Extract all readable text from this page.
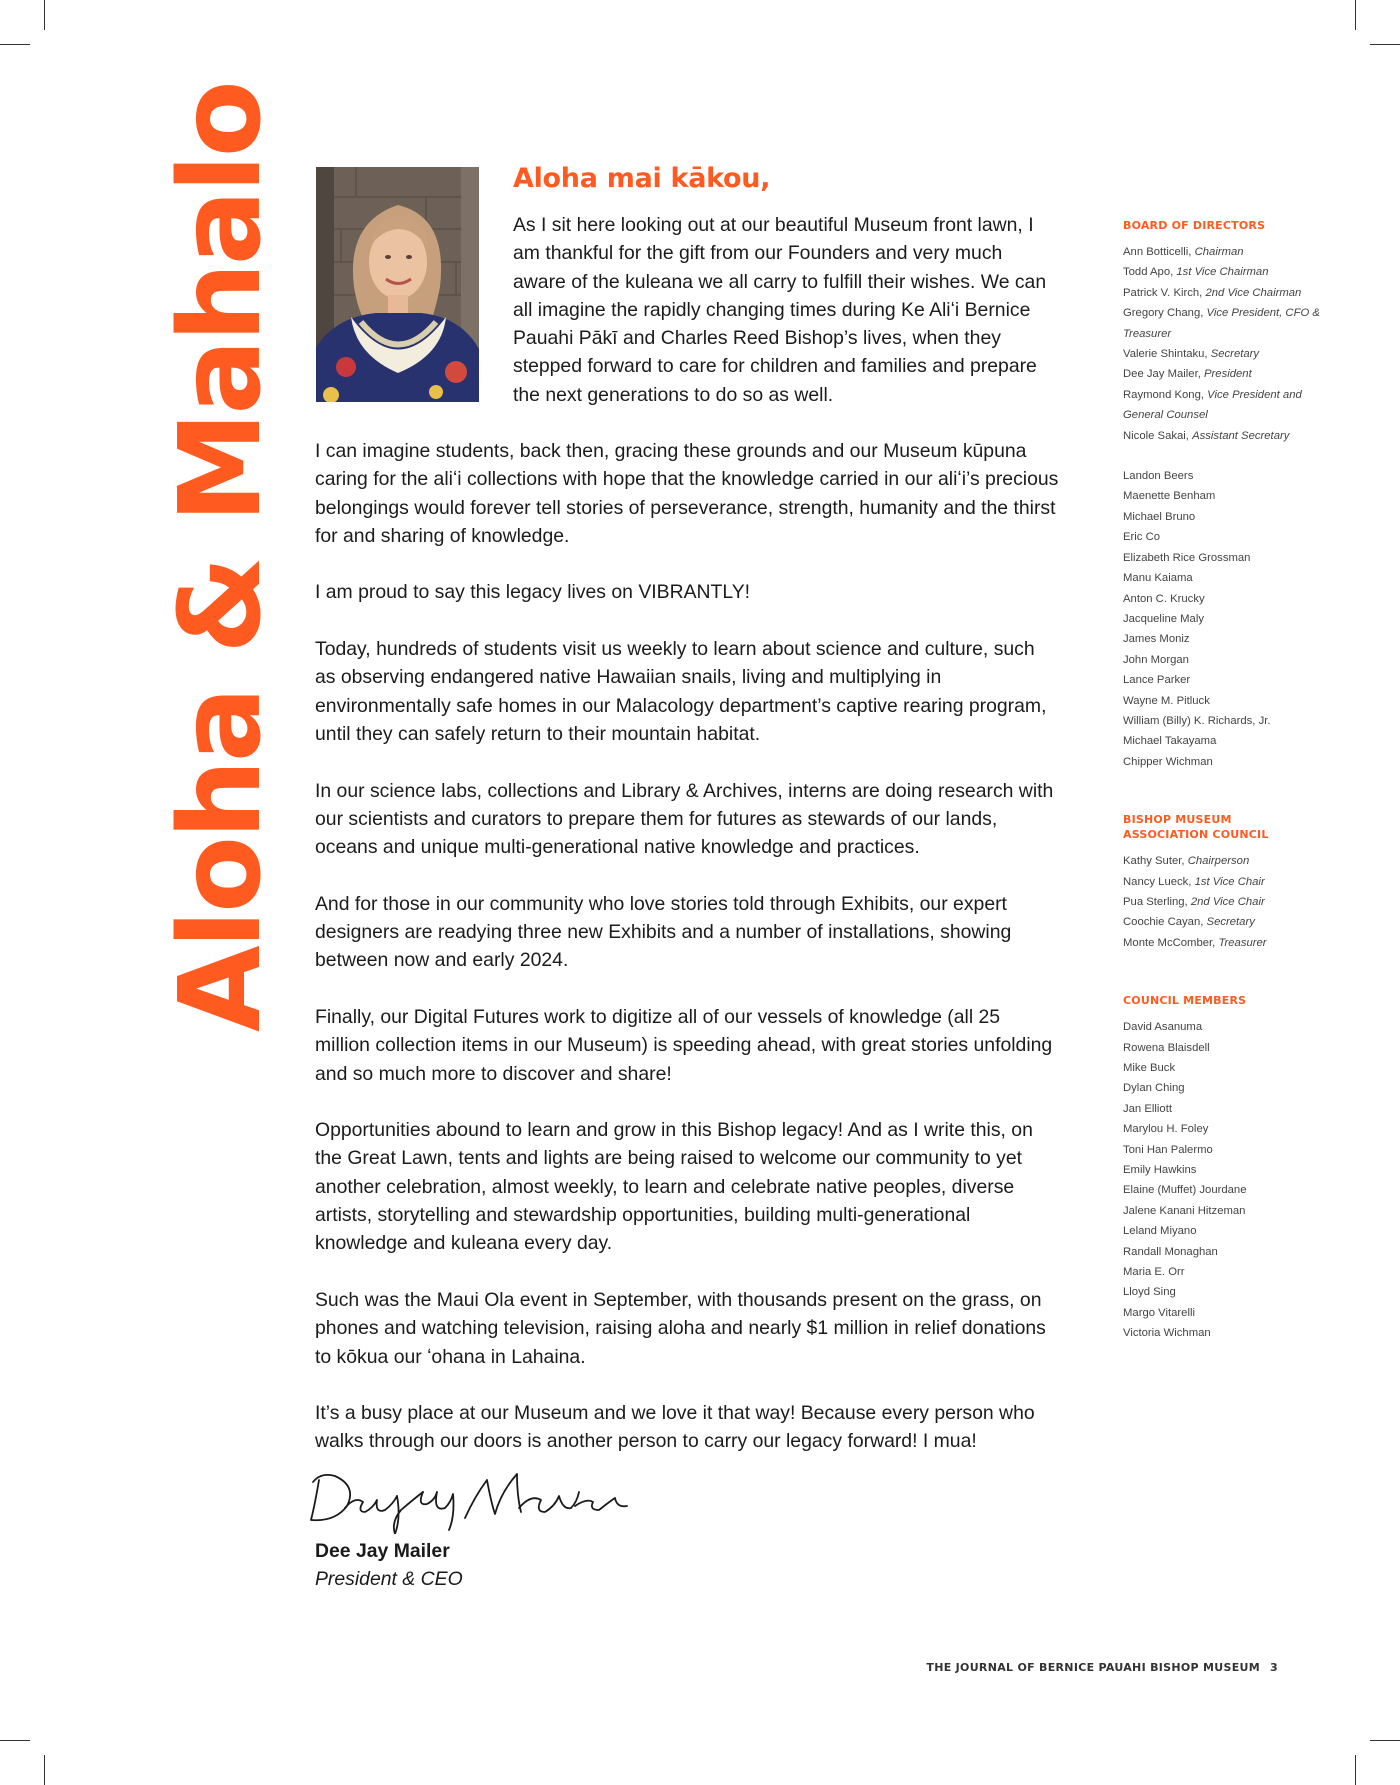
Aloha & Mahalo	Aloha mai kākou,

As I sit here looking out at our beautiful Museum front lawn, I am thankful for the gift from our Founders and very much aware of the kuleana we all carry to fulfill their wishes. We can all imagine the rapidly changing times during Ke Aliʻi Bernice Pauahi Pākī and Charles Reed Bishop’s lives, when they stepped forward to care for children and families and prepare the next generations to do so as well.

I can imagine students, back then, gracing these grounds and our Museum kūpuna caring for the aliʻi collections with hope that the knowledge carried in our aliʻi’s precious belongings would forever tell stories of perseverance, strength, humanity and the thirst for and sharing of knowledge.

I am proud to say this legacy lives on VIBRANTLY!

Today, hundreds of students visit us weekly to learn about science and culture, such as observing endangered native Hawaiian snails, living and multiplying in environmentally safe homes in our Malacology department’s captive rearing program, until they can safely return to their mountain habitat.

In our science labs, collections and Library & Archives, interns are doing research with our scientists and curators to prepare them for futures as stewards of our lands, oceans and unique multi-generational native knowledge and practices.

And for those in our community who love stories told through Exhibits, our expert designers are readying three new Exhibits and a number of installations, showing between now and early 2024.

Finally, our Digital Futures work to digitize all of our vessels of knowledge (all 25 million collection items in our Museum) is speeding ahead, with great stories unfolding and so much more to discover and share!

Opportunities abound to learn and grow in this Bishop legacy! And as I write this, on the Great Lawn, tents and lights are being raised to welcome our community to yet another celebration, almost weekly, to learn and celebrate native peoples, diverse artists, storytelling and stewardship opportunities, building multi-generational knowledge and kuleana every day.

Such was the Maui Ola event in September, with thousands present on the grass, on phones and watching television, raising aloha and nearly $1 million in relief donations to kōkua our ʻohana in Lahaina.

It’s a busy place at our Museum and we love it that way! Because every person who walks through our doors is another person to carry our legacy forward! I mua!

Dee Jay Mailer
President & CEO
BOARD OF DIRECTORS
Ann Botticelli, Chairman
Todd Apo, 1st Vice Chairman
Patrick V. Kirch, 2nd Vice Chairman
Gregory Chang, Vice President, CFO & Treasurer
Valerie Shintaku, Secretary
Dee Jay Mailer, President
Raymond Kong, Vice President and General Counsel
Nicole Sakai, Assistant Secretary
Landon Beers
Maenette Benham
Michael Bruno
Eric Co
Elizabeth Rice Grossman
Manu Kaiama
Anton C. Krucky
Jacqueline Maly
James Moniz
John Morgan
Lance Parker
Wayne M. Pitluck
William (Billy) K. Richards, Jr.
Michael Takayama
Chipper Wichman
BISHOP MUSEUM
ASSOCIATION COUNCIL
Kathy Suter, Chairperson
Nancy Lueck, 1st Vice Chair
Pua Sterling, 2nd Vice Chair
Coochie Cayan, Secretary
Monte McComber, Treasurer
COUNCIL MEMBERS
David Asanuma
Rowena Blaisdell
Mike Buck
Dylan Ching
Jan Elliott
Marylou H. Foley
Toni Han Palermo
Emily Hawkins
Elaine (Muffet) Jourdane
Jalene Kanani Hitzeman
Leland Miyano
Randall Monaghan
Maria E. Orr
Lloyd Sing
Margo Vitarelli
Victoria Wichman
THE JOURNAL OF BERNICE PAUAHI BISHOP MUSEUM 3
